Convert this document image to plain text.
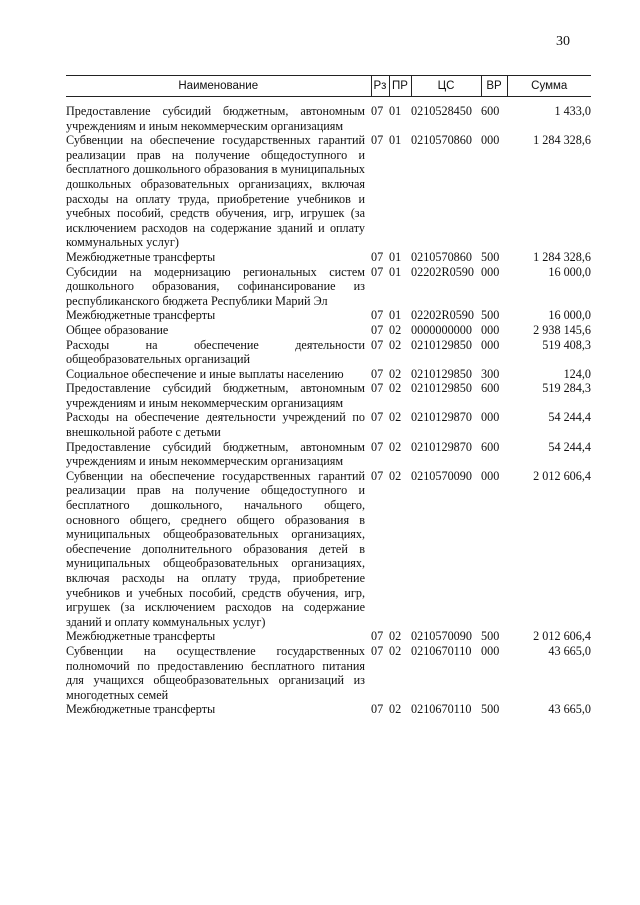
30
Наименование	Рз	ПР	ЦС	ВР	Сумма
Предоставление субсидий бюджетным, автономным учреждениям и иным некоммерческим организациям	07	01	0210528450	600	1 433,0
Субвенции на обеспечение государственных гарантий реализации прав на получение общедоступного и бесплатного дошкольного образования в муниципальных дошкольных образовательных организациях, включая расходы на оплату труда, приобретение учебников и учебных пособий, средств обучения, игр, игрушек (за исключением расходов на содержание зданий и оплату коммунальных услуг)	07	01	0210570860	000	1 284 328,6
Межбюджетные трансферты	07	01	0210570860	500	1 284 328,6
Субсидии на модернизацию региональных систем дошкольного образования, софинансирование из республиканского бюджета Республики Марий Эл	07	01	02202R0590	000	16 000,0
Межбюджетные трансферты	07	01	02202R0590	500	16 000,0
Общее образование	07	02	0000000000	000	2 938 145,6
Расходы на обеспечение деятельности общеобразовательных организаций	07	02	0210129850	000	519 408,3
Социальное обеспечение и иные выплаты населению	07	02	0210129850	300	124,0
Предоставление субсидий бюджетным, автономным учреждениям и иным некоммерческим организациям	07	02	0210129850	600	519 284,3
Расходы на обеспечение деятельности учреждений по внешкольной работе с детьми	07	02	0210129870	000	54 244,4
Предоставление субсидий бюджетным, автономным учреждениям и иным некоммерческим организациям	07	02	0210129870	600	54 244,4
Субвенции на обеспечение государственных гарантий реализации прав на получение общедоступного и бесплатного дошкольного, начального общего, основного общего, среднего общего образования в муниципальных общеобразовательных организациях, обеспечение дополнительного образования детей в муниципальных общеобразовательных организациях, включая расходы на оплату труда, приобретение учебников и учебных пособий, средств обучения, игр, игрушек (за исключением расходов на содержание зданий и оплату коммунальных услуг)	07	02	0210570090	000	2 012 606,4
Межбюджетные трансферты	07	02	0210570090	500	2 012 606,4
Субвенции на осуществление государственных полномочий по предоставлению бесплатного питания для учащихся общеобразовательных организаций из многодетных семей	07	02	0210670110	000	43 665,0
Межбюджетные трансферты	07	02	0210670110	500	43 665,0
